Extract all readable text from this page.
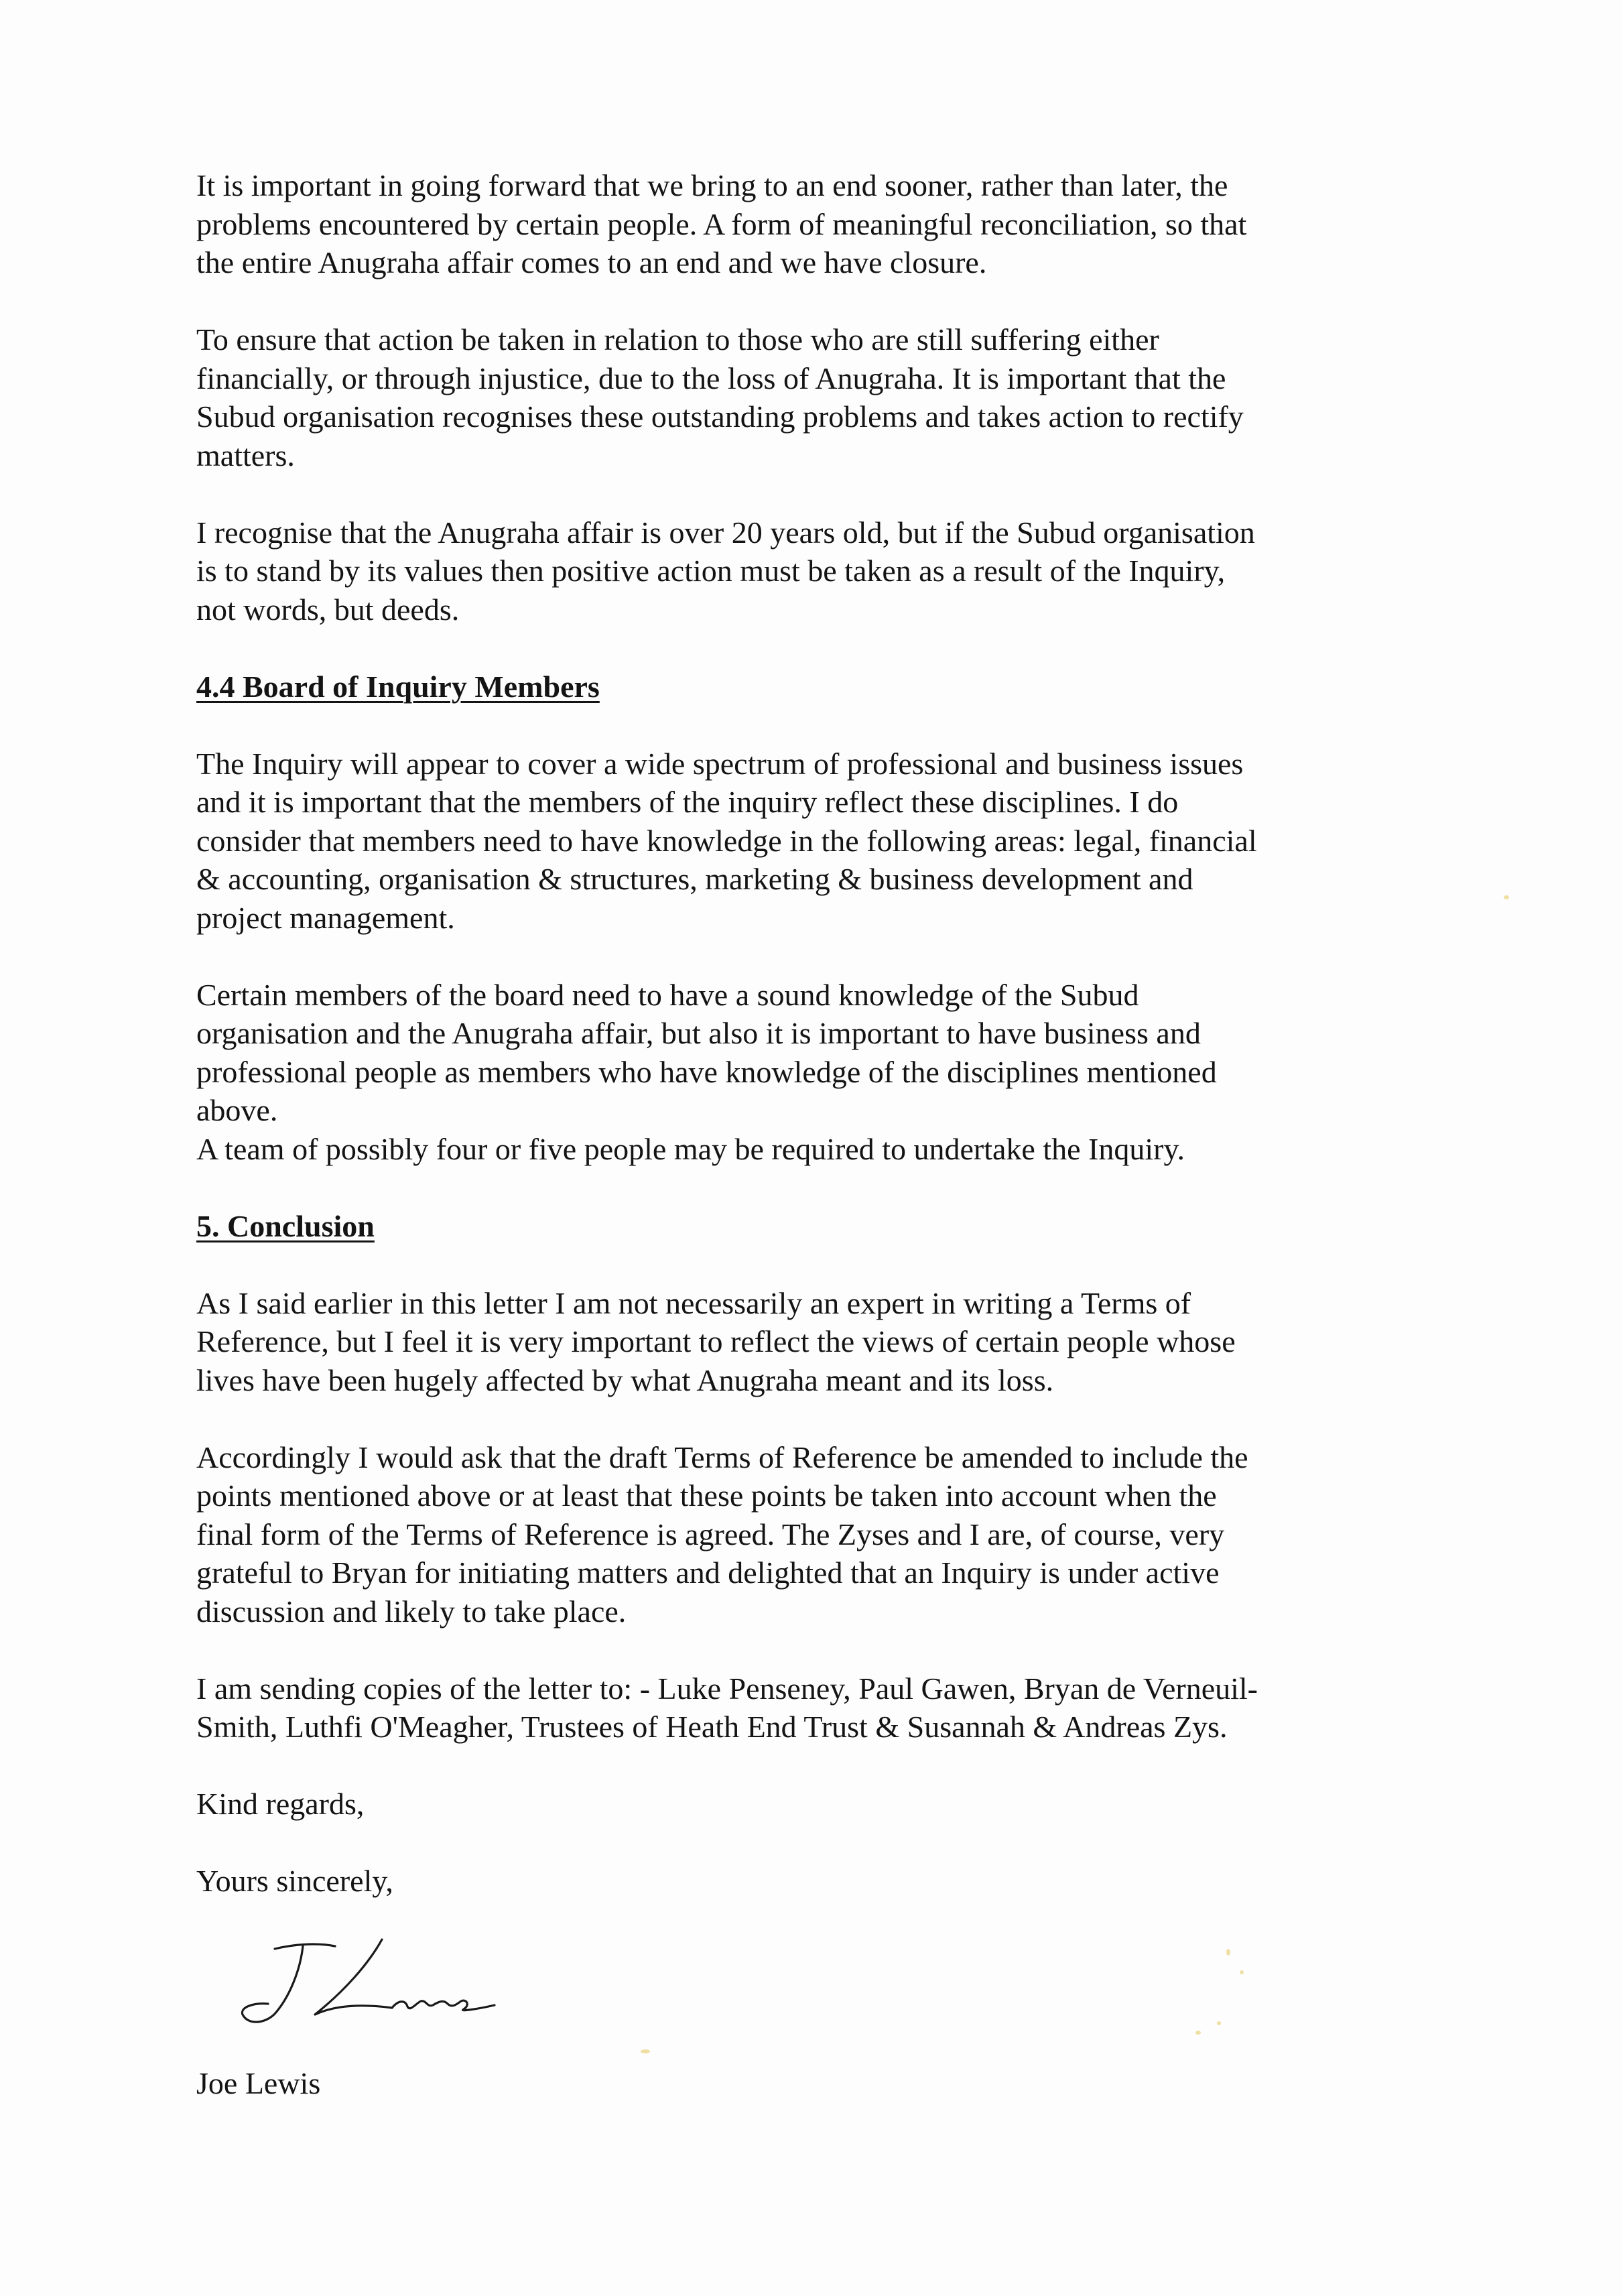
It is important in going forward that we bring to an end sooner, rather than later, the
problems encountered by certain people. A form of meaningful reconciliation, so that
the entire Anugraha affair comes to an end and we have closure.
To ensure that action be taken in relation to those who are still suffering either
financially, or through injustice, due to the loss of Anugraha. It is important that the
Subud organisation recognises these outstanding problems and takes action to rectify
matters.
I recognise that the Anugraha affair is over 20 years old, but if the Subud organisation
is to stand by its values then positive action must be taken as a result of the Inquiry,
not words, but deeds.
4.4 Board of Inquiry Members
The Inquiry will appear to cover a wide spectrum of professional and business issues
and it is important that the members of the inquiry reflect these disciplines. I do
consider that members need to have knowledge in the following areas: legal, financial
& accounting, organisation & structures, marketing & business development and
project management.
Certain members of the board need to have a sound knowledge of the Subud
organisation and the Anugraha affair, but also it is important to have business and
professional people as members who have knowledge of the disciplines mentioned
above.
A team of possibly four or five people may be required to undertake the Inquiry.
5. Conclusion
As I said earlier in this letter I am not necessarily an expert in writing a Terms of
Reference, but I feel it is very important to reflect the views of certain people whose
lives have been hugely affected by what Anugraha meant and its loss.
Accordingly I would ask that the draft Terms of Reference be amended to include the
points mentioned above or at least that these points be taken into account when the
final form of the Terms of Reference is agreed. The Zyses and I are, of course, very
grateful to Bryan for initiating matters and delighted that an Inquiry is under active
discussion and likely to take place.
I am sending copies of the letter to: - Luke Penseney, Paul Gawen, Bryan de Verneuil-
Smith, Luthfi O'Meagher, Trustees of Heath End Trust & Susannah & Andreas Zys.
Kind regards,
Yours sincerely,
Joe Lewis
